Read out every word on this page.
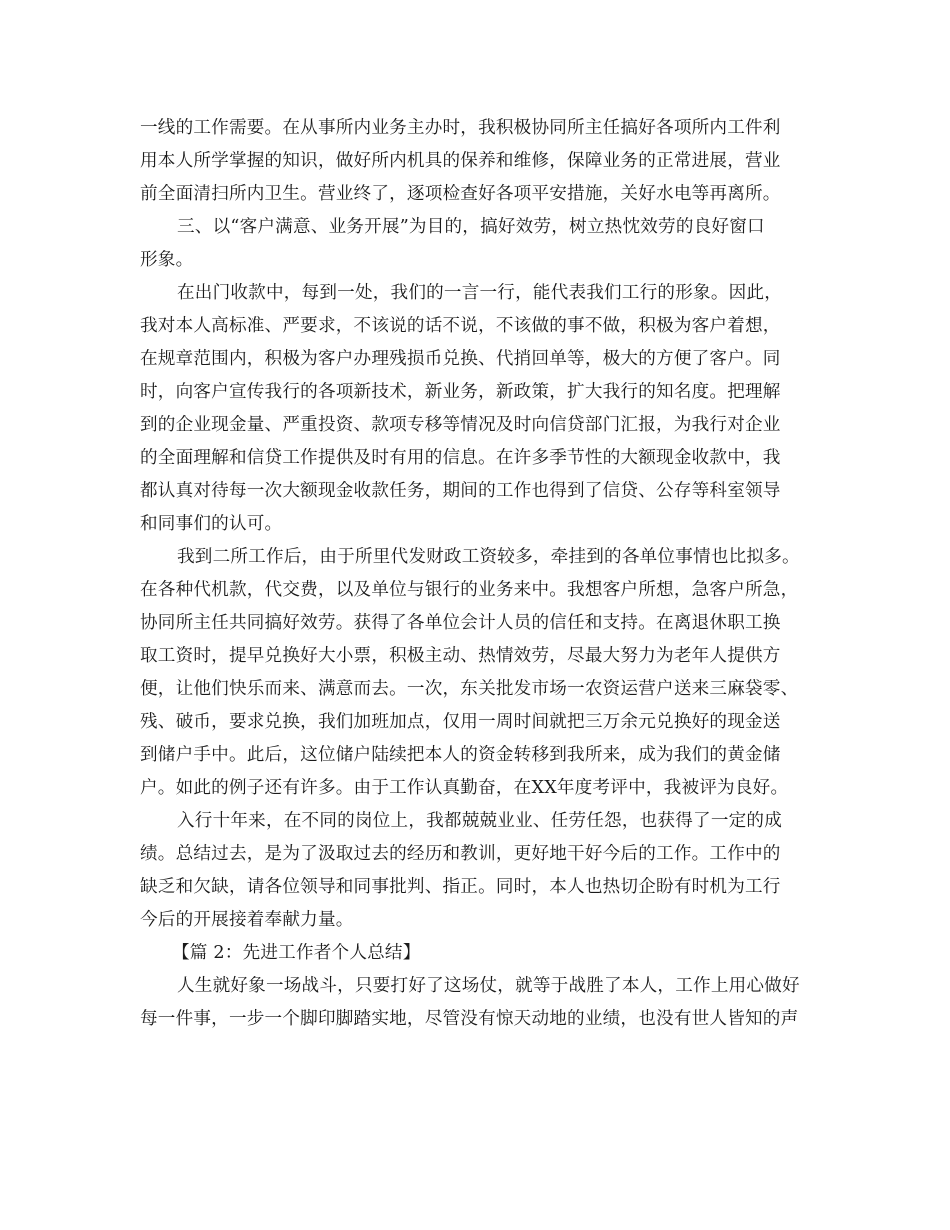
一线的工作需要。在从事所内业务主办时，我积极协同所主任搞好各项所内工件利
用本人所学掌握的知识，做好所内机具的保养和维修，保障业务的正常进展，营业
前全面清扫所内卫生。营业终了，逐项检查好各项平安措施，关好水电等再离所。
三、以“客户满意、业务开展”为目的，搞好效劳，树立热忱效劳的良好窗口
形象。
在出门收款中，每到一处，我们的一言一行，能代表我们工行的形象。因此，
我对本人高标准、严要求，不该说的话不说，不该做的事不做，积极为客户着想，
在规章范围内，积极为客户办理残损币兑换、代捎回单等，极大的方便了客户。同
时，向客户宣传我行的各项新技术，新业务，新政策，扩大我行的知名度。把理解
到的企业现金量、严重投资、款项专移等情况及时向信贷部门汇报，为我行对企业
的全面理解和信贷工作提供及时有用的信息。在许多季节性的大额现金收款中，我
都认真对待每一次大额现金收款任务，期间的工作也得到了信贷、公存等科室领导
和同事们的认可。
我到二所工作后，由于所里代发财政工资较多，牵挂到的各单位事情也比拟多。
在各种代机款，代交费，以及单位与银行的业务来中。我想客户所想，急客户所急，
协同所主任共同搞好效劳。获得了各单位会计人员的信任和支持。在离退休职工换
取工资时，提早兑换好大小票，积极主动、热情效劳，尽最大努力为老年人提供方
便，让他们快乐而来、满意而去。一次，东关批发市场一农资运营户送来三麻袋零、
残、破币，要求兑换，我们加班加点，仅用一周时间就把三万余元兑换好的现金送
到储户手中。此后，这位储户陆续把本人的资金转移到我所来，成为我们的黄金储
户。如此的例子还有许多。由于工作认真勤奋，在XX年度考评中，我被评为良好。
入行十年来，在不同的岗位上，我都兢兢业业、任劳任怨，也获得了一定的成
绩。总结过去，是为了汲取过去的经历和教训，更好地干好今后的工作。工作中的
缺乏和欠缺，请各位领导和同事批判、指正。同时，本人也热切企盼有时机为工行
今后的开展接着奉献力量。
【篇 2：先进工作者个人总结】
人生就好象一场战斗，只要打好了这场仗，就等于战胜了本人，工作上用心做好
每一件事，一步一个脚印脚踏实地，尽管没有惊天动地的业绩，也没有世人皆知的声
